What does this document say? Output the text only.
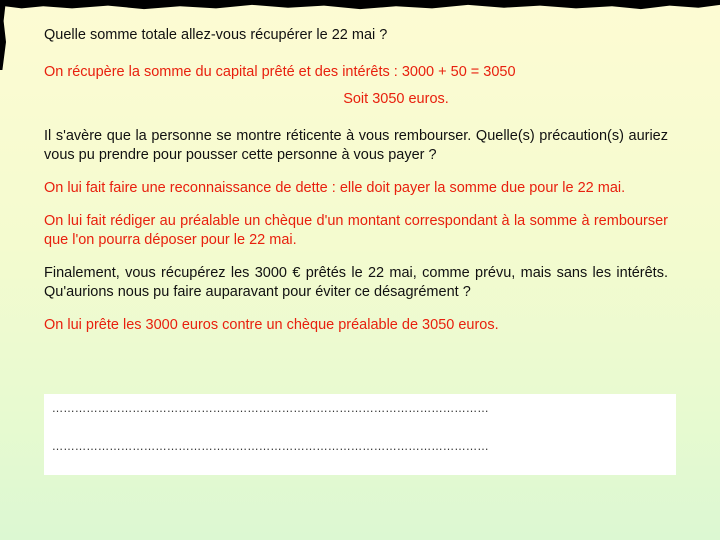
Quelle somme totale allez-vous récupérer le 22 mai ?

On récupère la somme du capital prêté et des intérêts : 3000 + 50 = 3050

Soit 3050 euros.

Il s'avère que la personne se montre réticente à vous rembourser. Quelle(s) précaution(s) auriez vous pu prendre pour pousser cette personne à vous payer ?

On lui fait faire une reconnaissance de dette : elle doit payer la somme due pour le 22 mai.

On lui fait rédiger au préalable un chèque d'un montant correspondant à la somme à rembourser que l'on pourra déposer pour le 22 mai.

Finalement, vous récupérez les 3000 € prêtés le 22 mai, comme prévu, mais sans les intérêts. Qu'aurions nous pu faire auparavant pour éviter ce désagrément ?

On lui prête les 3000 euros contre un chèque préalable de 3050 euros.

……………………………………………………………………………………………………
……………………………………………………………………………………………………
